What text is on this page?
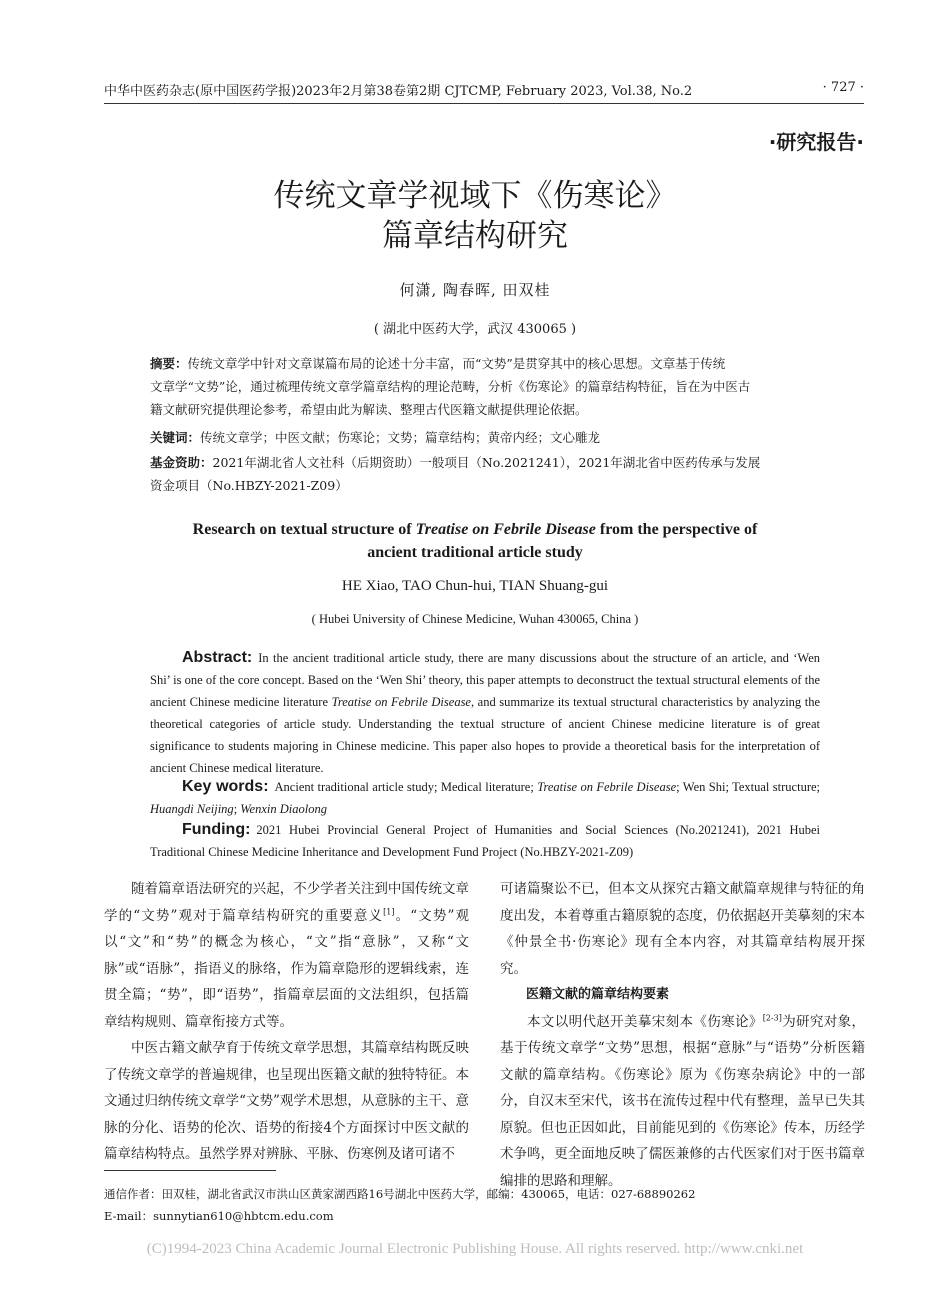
中华中医药杂志(原中国医药学报)2023年2月第38卷第2期 CJTCMP, February 2023, Vol.38, No.2	· 727 ·
·研究报告·
传统文章学视域下《伤寒论》
篇章结构研究
何潇, 陶春晖, 田双桂
( 湖北中医药大学，武汉 430065 )
摘要：传统文章学中针对文章谋篇布局的论述十分丰富，而“文势”是贯穿其中的核心思想。文章基于传统
文章学“文势”论，通过梳理传统文章学篇章结构的理论范畴，分析《伤寒论》的篇章结构特征，旨在为中医古
籍文献研究提供理论参考，希望由此为解读、整理古代医籍文献提供理论依据。
关键词：传统文章学；中医文献；伤寒论；文势；篇章结构；黄帝内经；文心雕龙
基金资助：2021年湖北省人文社科（后期资助）一般项目（No.2021241），2021年湖北省中医药传承与发展
资金项目（No.HBZY-2021-Z09）
Research on textual structure of Treatise on Febrile Disease from the perspective of
ancient traditional article study
HE Xiao, TAO Chun-hui, TIAN Shuang-gui
( Hubei University of Chinese Medicine, Wuhan 430065, China )
Abstract: In the ancient traditional article study, there are many discussions about the structure of an article, and ‘Wen Shi’ is one of the core concept. Based on the ‘Wen Shi’ theory, this paper attempts to deconstruct the textual structural elements of the ancient Chinese medicine literature Treatise on Febrile Disease, and summarize its textual structural characteristics by analyzing the theoretical categories of article study. Understanding the textual structure of ancient Chinese medicine literature is of great significance to students majoring in Chinese medicine. This paper also hopes to provide a theoretical basis for the interpretation of ancient Chinese medical literature.
Key words: Ancient traditional article study; Medical literature; Treatise on Febrile Disease; Wen Shi; Textual structure; Huangdi Neijing; Wenxin Diaolong
Funding: 2021 Hubei Provincial General Project of Humanities and Social Sciences (No.2021241), 2021 Hubei Traditional Chinese Medicine Inheritance and Development Fund Project (No.HBZY-2021-Z09)

随着篇章语法研究的兴起，不少学者关注到中国传统文章学的“文势”观对于篇章结构研究的重要意义[1]。“文势”观以“文”和“势”的概念为核心，“文”指“意脉”，又称“文脉”或“语脉”，指语义的脉络，作为篇章隐形的逻辑线索，连贯全篇；“势”，即“语势”，指篇章层面的文法组织，包括篇章结构规则、篇章衔接方式等。

中医古籍文献孕育于传统文章学思想，其篇章结构既反映了传统文章学的普遍规律，也呈现出医籍文献的独特特征。本文通过归纳传统文章学“文势”观学术思想，从意脉的主干、意脉的分化、语势的伦次、语势的衔接4个方面探讨中医文献的篇章结构特点。虽然学界对辨脉、平脉、伤寒例及诸可诸不

可诸篇聚讼不已，但本文从探究古籍文献篇章规律与特征的角度出发，本着尊重古籍原貌的态度，仍依据赵开美摹刻的宋本《仲景全书·伤寒论》现有全本内容，对其篇章结构展开探究。

医籍文献的篇章结构要素

本文以明代赵开美摹宋刻本《伤寒论》[2-3]为研究对象，基于传统文章学“文势”思想，根据“意脉”与“语势”分析医籍文献的篇章结构。《伤寒论》原为《伤寒杂病论》中的一部分，自汉末至宋代，该书在流传过程中代有整理，盖早已失其原貌。但也正因如此，目前能见到的《伤寒论》传本，历经学术争鸣，更全面地反映了儒医兼修的古代医家们对于医书篇章编排的思路和理解。

通信作者：田双桂，湖北省武汉市洪山区黄家湖西路16号湖北中医药大学，邮编：430065，电话：027-68890262
E-mail：sunnytian610@hbtcm.edu.com
(C)1994-2023 China Academic Journal Electronic Publishing House. All rights reserved. http://www.cnki.net
